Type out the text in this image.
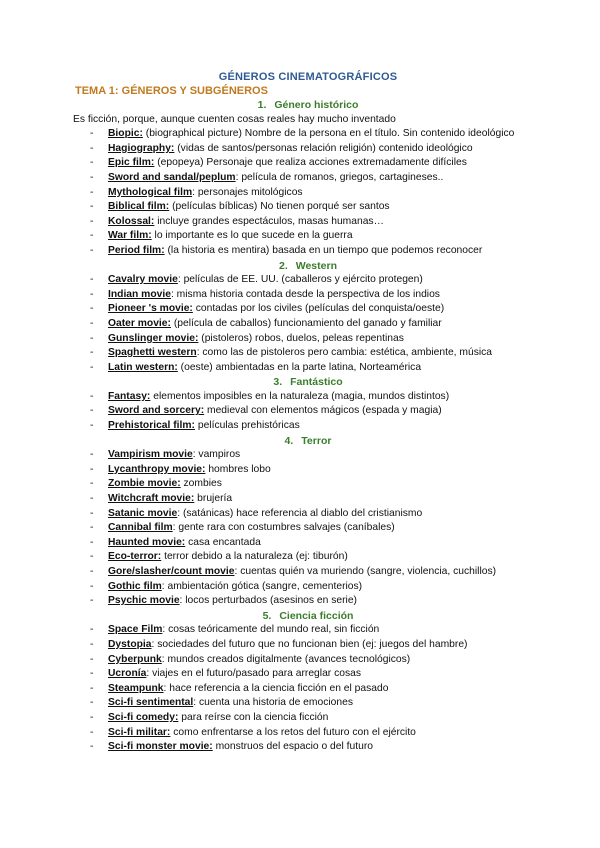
GÉNEROS CINEMATOGRÁFICOS
TEMA 1: GÉNEROS Y SUBGÉNEROS
1. Género histórico
Es ficción, porque, aunque cuenten cosas reales hay mucho inventado
- Biopic: (biographical picture) Nombre de la persona en el título. Sin contenido ideológico
- Hagiography: (vidas de santos/personas relación religión) contenido ideológico
- Epic film: (epopeya) Personaje que realiza acciones extremadamente difíciles
- Sword and sandal/peplum: película de romanos, griegos, cartagineses..
- Mythological film: personajes mitológicos
- Biblical film: (películas bíblicas) No tienen porqué ser santos
- Kolossal: incluye grandes espectáculos, masas humanas…
- War film: lo importante es lo que sucede en la guerra
- Period film: (la historia es mentira) basada en un tiempo que podemos reconocer
2. Western
- Cavalry movie: películas de EE. UU. (caballeros y ejército protegen)
- Indian movie: misma historia contada desde la perspectiva de los indios
- Pioneer 's movie: contadas por los civiles (películas del conquista/oeste)
- Oater movie: (película de caballos) funcionamiento del ganado y familiar
- Gunslinger movie: (pistoleros) robos, duelos, peleas repentinas
- Spaghetti western: como las de pistoleros pero cambia: estética, ambiente, música
- Latin western: (oeste) ambientadas en la parte latina, Norteamérica
3. Fantástico
- Fantasy: elementos imposibles en la naturaleza (magia, mundos distintos)
- Sword and sorcery: medieval con elementos mágicos (espada y magia)
- Prehistorical film: películas prehistóricas
4. Terror
- Vampirism movie: vampiros
- Lycanthropy movie: hombres lobo
- Zombie movie: zombies
- Witchcraft movie: brujería
- Satanic movie: (satánicas) hace referencia al diablo del cristianismo
- Cannibal film: gente rara con costumbres salvajes (caníbales)
- Haunted movie: casa encantada
- Eco-terror: terror debido a la naturaleza (ej: tiburón)
- Gore/slasher/count movie: cuentas quién va muriendo (sangre, violencia, cuchillos)
- Gothic film: ambientación gótica (sangre, cementerios)
- Psychic movie: locos perturbados (asesinos en serie)
5. Ciencia ficción
- Space Film: cosas teóricamente del mundo real, sin ficción
- Dystopia: sociedades del futuro que no funcionan bien (ej: juegos del hambre)
- Cyberpunk: mundos creados digitalmente (avances tecnológicos)
- Ucronía: viajes en el futuro/pasado para arreglar cosas
- Steampunk: hace referencia a la ciencia ficción en el pasado
- Sci-fi sentimental: cuenta una historia de emociones
- Sci-fi comedy: para reírse con la ciencia ficción
- Sci-fi militar: como enfrentarse a los retos del futuro con el ejército
- Sci-fi monster movie: monstruos del espacio o del futuro
